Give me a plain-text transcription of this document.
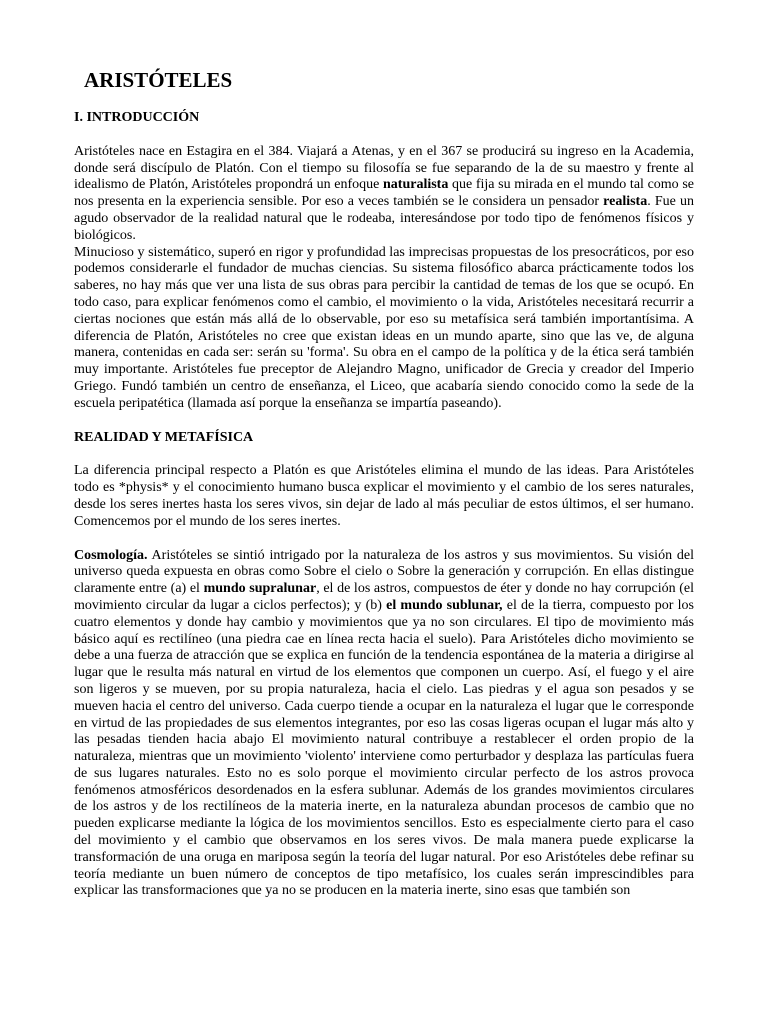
ARISTÓTELES
I. INTRODUCCIÓN

Aristóteles nace en Estagira en el 384. Viajará a Atenas, y en el 367 se producirá su ingreso en la Academia, donde será discípulo de Platón. Con el tiempo su filosofía se fue separando de la de su maestro y frente al idealismo de Platón, Aristóteles propondrá un enfoque naturalista que fija su mirada en el mundo tal como se nos presenta en la experiencia sensible. Por eso a veces también se le considera un pensador realista. Fue un agudo observador de la realidad natural que le rodeaba, interesándose por todo tipo de fenómenos físicos y biológicos.

Minucioso y sistemático, superó en rigor y profundidad las imprecisas propuestas de los presocráticos, por eso podemos considerarle el fundador de muchas ciencias. Su sistema filosófico abarca prácticamente todos los saberes, no hay más que ver una lista de sus obras para percibir la cantidad de temas de los que se ocupó. En todo caso, para explicar fenómenos como el cambio, el movimiento o la vida, Aristóteles necesitará recurrir a ciertas nociones que están más allá de lo observable, por eso su metafísica será también importantísima. A diferencia de Platón, Aristóteles no cree que existan ideas en un mundo aparte, sino que las ve, de alguna manera, contenidas en cada ser: serán su 'forma'. Su obra en el campo de la política y de la ética será también muy importante. Aristóteles fue preceptor de Alejandro Magno, unificador de Grecia y creador del Imperio Griego. Fundó también un centro de enseñanza, el Liceo, que acabaría siendo conocido como la sede de la escuela peripatética (llamada así porque la enseñanza se impartía paseando).

REALIDAD Y METAFÍSICA

La diferencia principal respecto a Platón es que Aristóteles elimina el mundo de las ideas. Para Aristóteles todo es *physis* y el conocimiento humano busca explicar el movimiento y el cambio de los seres naturales, desde los seres inertes hasta los seres vivos, sin dejar de lado al más peculiar de estos últimos, el ser humano. Comencemos por el mundo de los seres inertes.

Cosmología. Aristóteles se sintió intrigado por la naturaleza de los astros y sus movimientos. Su visión del universo queda expuesta en obras como Sobre el cielo o Sobre la generación y corrupción. En ellas distingue claramente entre (a) el mundo supralunar, el de los astros, compuestos de éter y donde no hay corrupción (el movimiento circular da lugar a ciclos perfectos); y (b) el mundo sublunar, el de la tierra, compuesto por los cuatro elementos y donde hay cambio y movimientos que ya no son circulares. El tipo de movimiento más básico aquí es rectilíneo (una piedra cae en línea recta hacia el suelo). Para Aristóteles dicho movimiento se debe a una fuerza de atracción que se explica en función de la tendencia espontánea de la materia a dirigirse al lugar que le resulta más natural en virtud de los elementos que componen un cuerpo. Así, el fuego y el aire son ligeros y se mueven, por su propia naturaleza, hacia el cielo. Las piedras y el agua son pesados y se mueven hacia el centro del universo. Cada cuerpo tiende a ocupar en la naturaleza el lugar que le corresponde en virtud de las propiedades de sus elementos integrantes, por eso las cosas ligeras ocupan el lugar más alto y las pesadas tienden hacia abajo El movimiento natural contribuye a restablecer el orden propio de la naturaleza, mientras que un movimiento 'violento' interviene como perturbador y desplaza las partículas fuera de sus lugares naturales. Esto no es solo porque el movimiento circular perfecto de los astros provoca fenómenos atmosféricos desordenados en la esfera sublunar. Además de los grandes movimientos circulares de los astros y de los rectilíneos de la materia inerte, en la naturaleza abundan procesos de cambio que no pueden explicarse mediante la lógica de los movimientos sencillos. Esto es especialmente cierto para el caso del movimiento y el cambio que observamos en los seres vivos. De mala manera puede explicarse la transformación de una oruga en mariposa según la teoría del lugar natural. Por eso Aristóteles debe refinar su teoría mediante un buen número de conceptos de tipo metafísico, los cuales serán imprescindibles para explicar las transformaciones que ya no se producen en la materia inerte, sino esas que también son
